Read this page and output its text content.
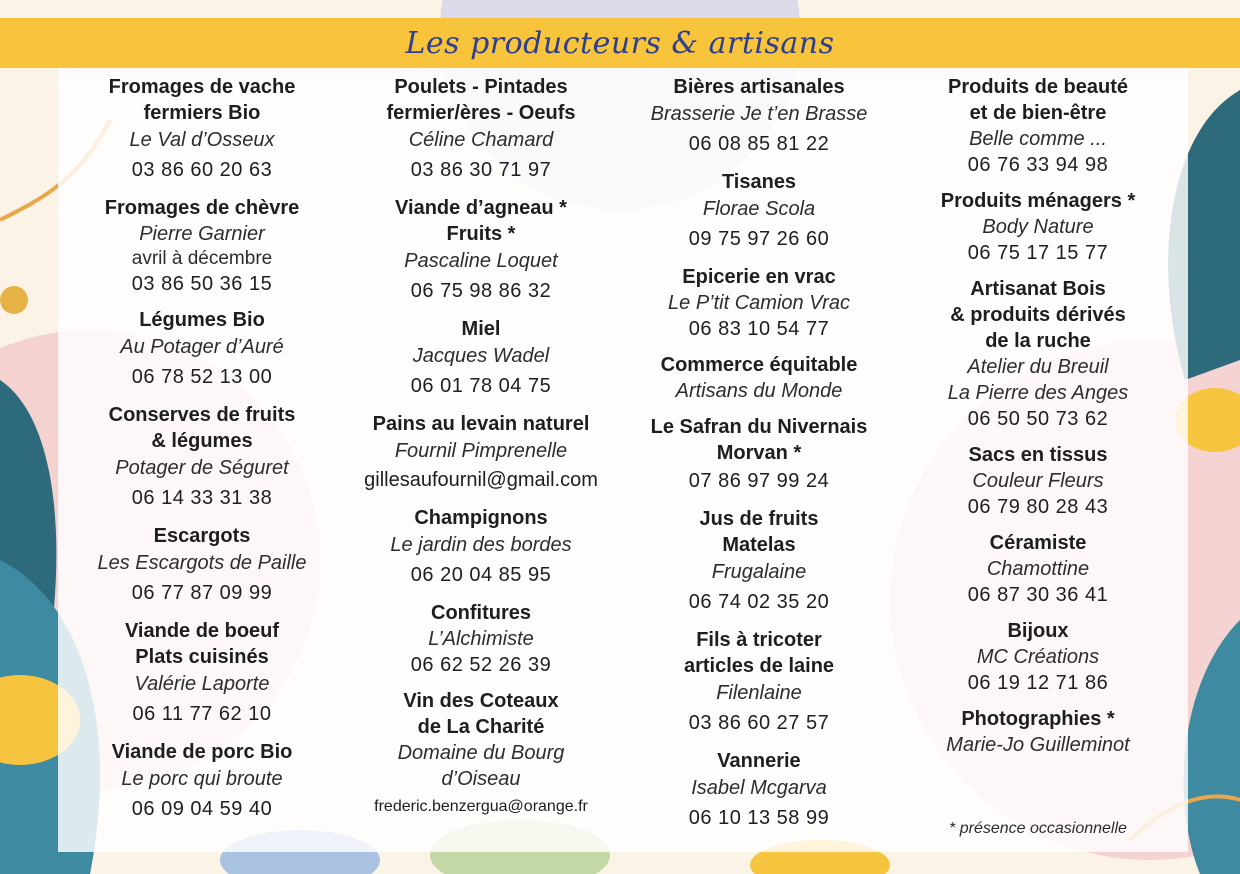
Les producteurs & artisans
Fromages de vache
fermiers Bio
Le Val d’Osseux
03 86 60 20 63
Fromages de chèvre
Pierre Garnier
avril à décembre
03 86 50 36 15
Légumes Bio
Au Potager d’Auré
06 78 52 13 00
Conserves de fruits
& légumes
Potager de Séguret
06 14 33 31 38
Escargots
Les Escargots de Paille
06 77 87 09 99
Viande de boeuf
Plats cuisinés
Valérie Laporte
06 11 77 62 10
Viande de porc Bio
Le porc qui broute
06 09 04 59 40
Poulets - Pintades
fermier/ères - Oeufs
Céline Chamard
03 86 30 71 97
Viande d’agneau *
Fruits *
Pascaline Loquet
06 75 98 86 32
Miel
Jacques Wadel
06 01 78 04 75
Pains au levain naturel
Fournil Pimprenelle
gillesaufournil@gmail.com
Champignons
Le jardin des bordes
06 20 04 85 95
Confitures
L’Alchimiste
06 62 52 26 39
Vin des Coteaux
de La Charité
Domaine du Bourg
d’Oiseau
frederic.benzergua@orange.fr
Bières artisanales
Brasserie Je t’en Brasse
06 08 85 81 22
Tisanes
Florae Scola
09 75 97 26 60
Epicerie en vrac
Le P’tit Camion Vrac
06 83 10 54 77
Commerce équitable
Artisans du Monde
Le Safran du Nivernais
Morvan *
07 86 97 99 24
Jus de fruits
Matelas
Frugalaine
06 74 02 35 20
Fils à tricoter
articles de laine
Filenlaine
03 86 60 27 57
Vannerie
Isabel Mcgarva
06 10 13 58 99
Produits de beauté
et de bien-être
Belle comme ...
06 76 33 94 98
Produits ménagers *
Body Nature
06 75 17 15 77
Artisanat Bois
& produits dérivés
de la ruche
Atelier du Breuil
La Pierre des Anges
06 50 50 73 62
Sacs en tissus
Couleur Fleurs
06 79 80 28 43
Céramiste
Chamottine
06 87 30 36 41
Bijoux
MC Créations
06 19 12 71 86
Photographies *
Marie-Jo Guilleminot
* présence occasionnelle
